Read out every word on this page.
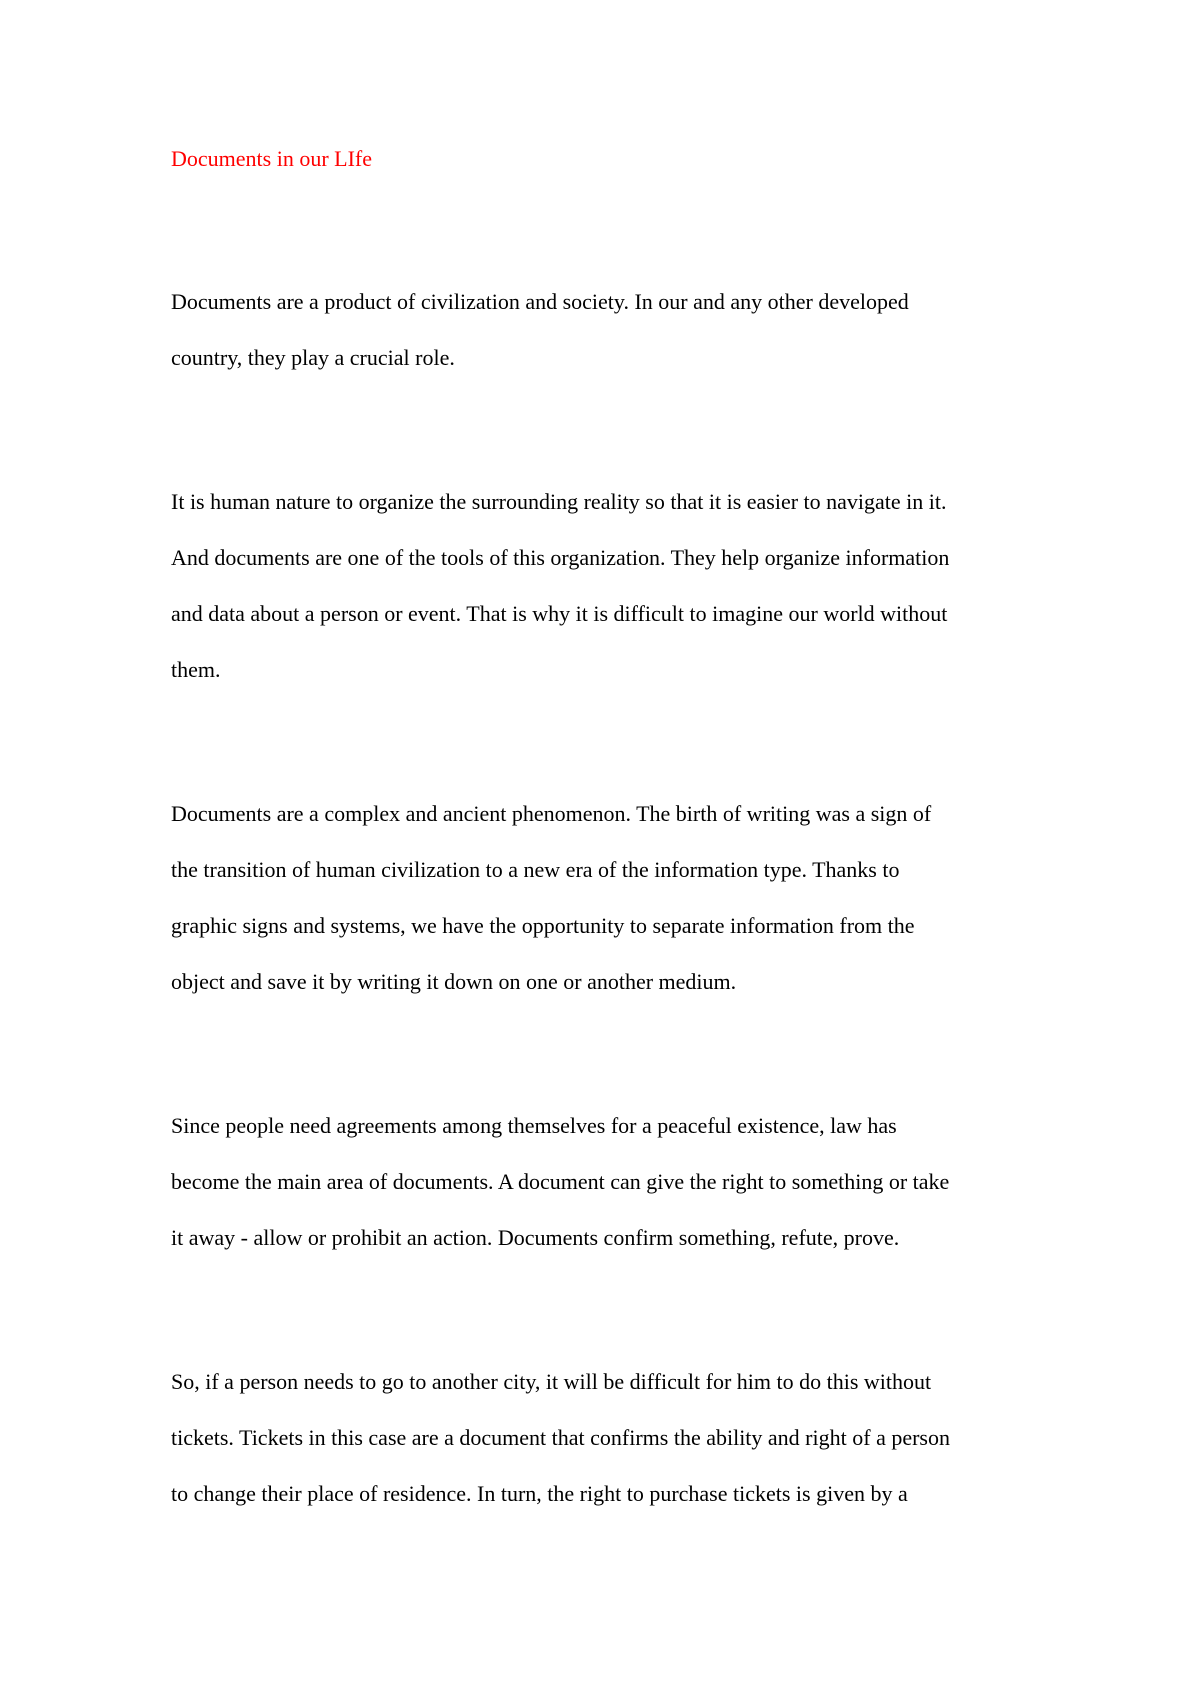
Documents in our LIfe

Documents are a product of civilization and society. In our and any other developed
country, they play a crucial role.

It is human nature to organize the surrounding reality so that it is easier to navigate in it.
And documents are one of the tools of this organization. They help organize information
and data about a person or event. That is why it is difficult to imagine our world without
them.

Documents are a complex and ancient phenomenon. The birth of writing was a sign of
the transition of human civilization to a new era of the information type. Thanks to
graphic signs and systems, we have the opportunity to separate information from the
object and save it by writing it down on one or another medium.

Since people need agreements among themselves for a peaceful existence, law has
become the main area of documents. A document can give the right to something or take
it away - allow or prohibit an action. Documents confirm something, refute, prove.

So, if a person needs to go to another city, it will be difficult for him to do this without
tickets. Tickets in this case are a document that confirms the ability and right of a person
to change their place of residence. In turn, the right to purchase tickets is given by a
